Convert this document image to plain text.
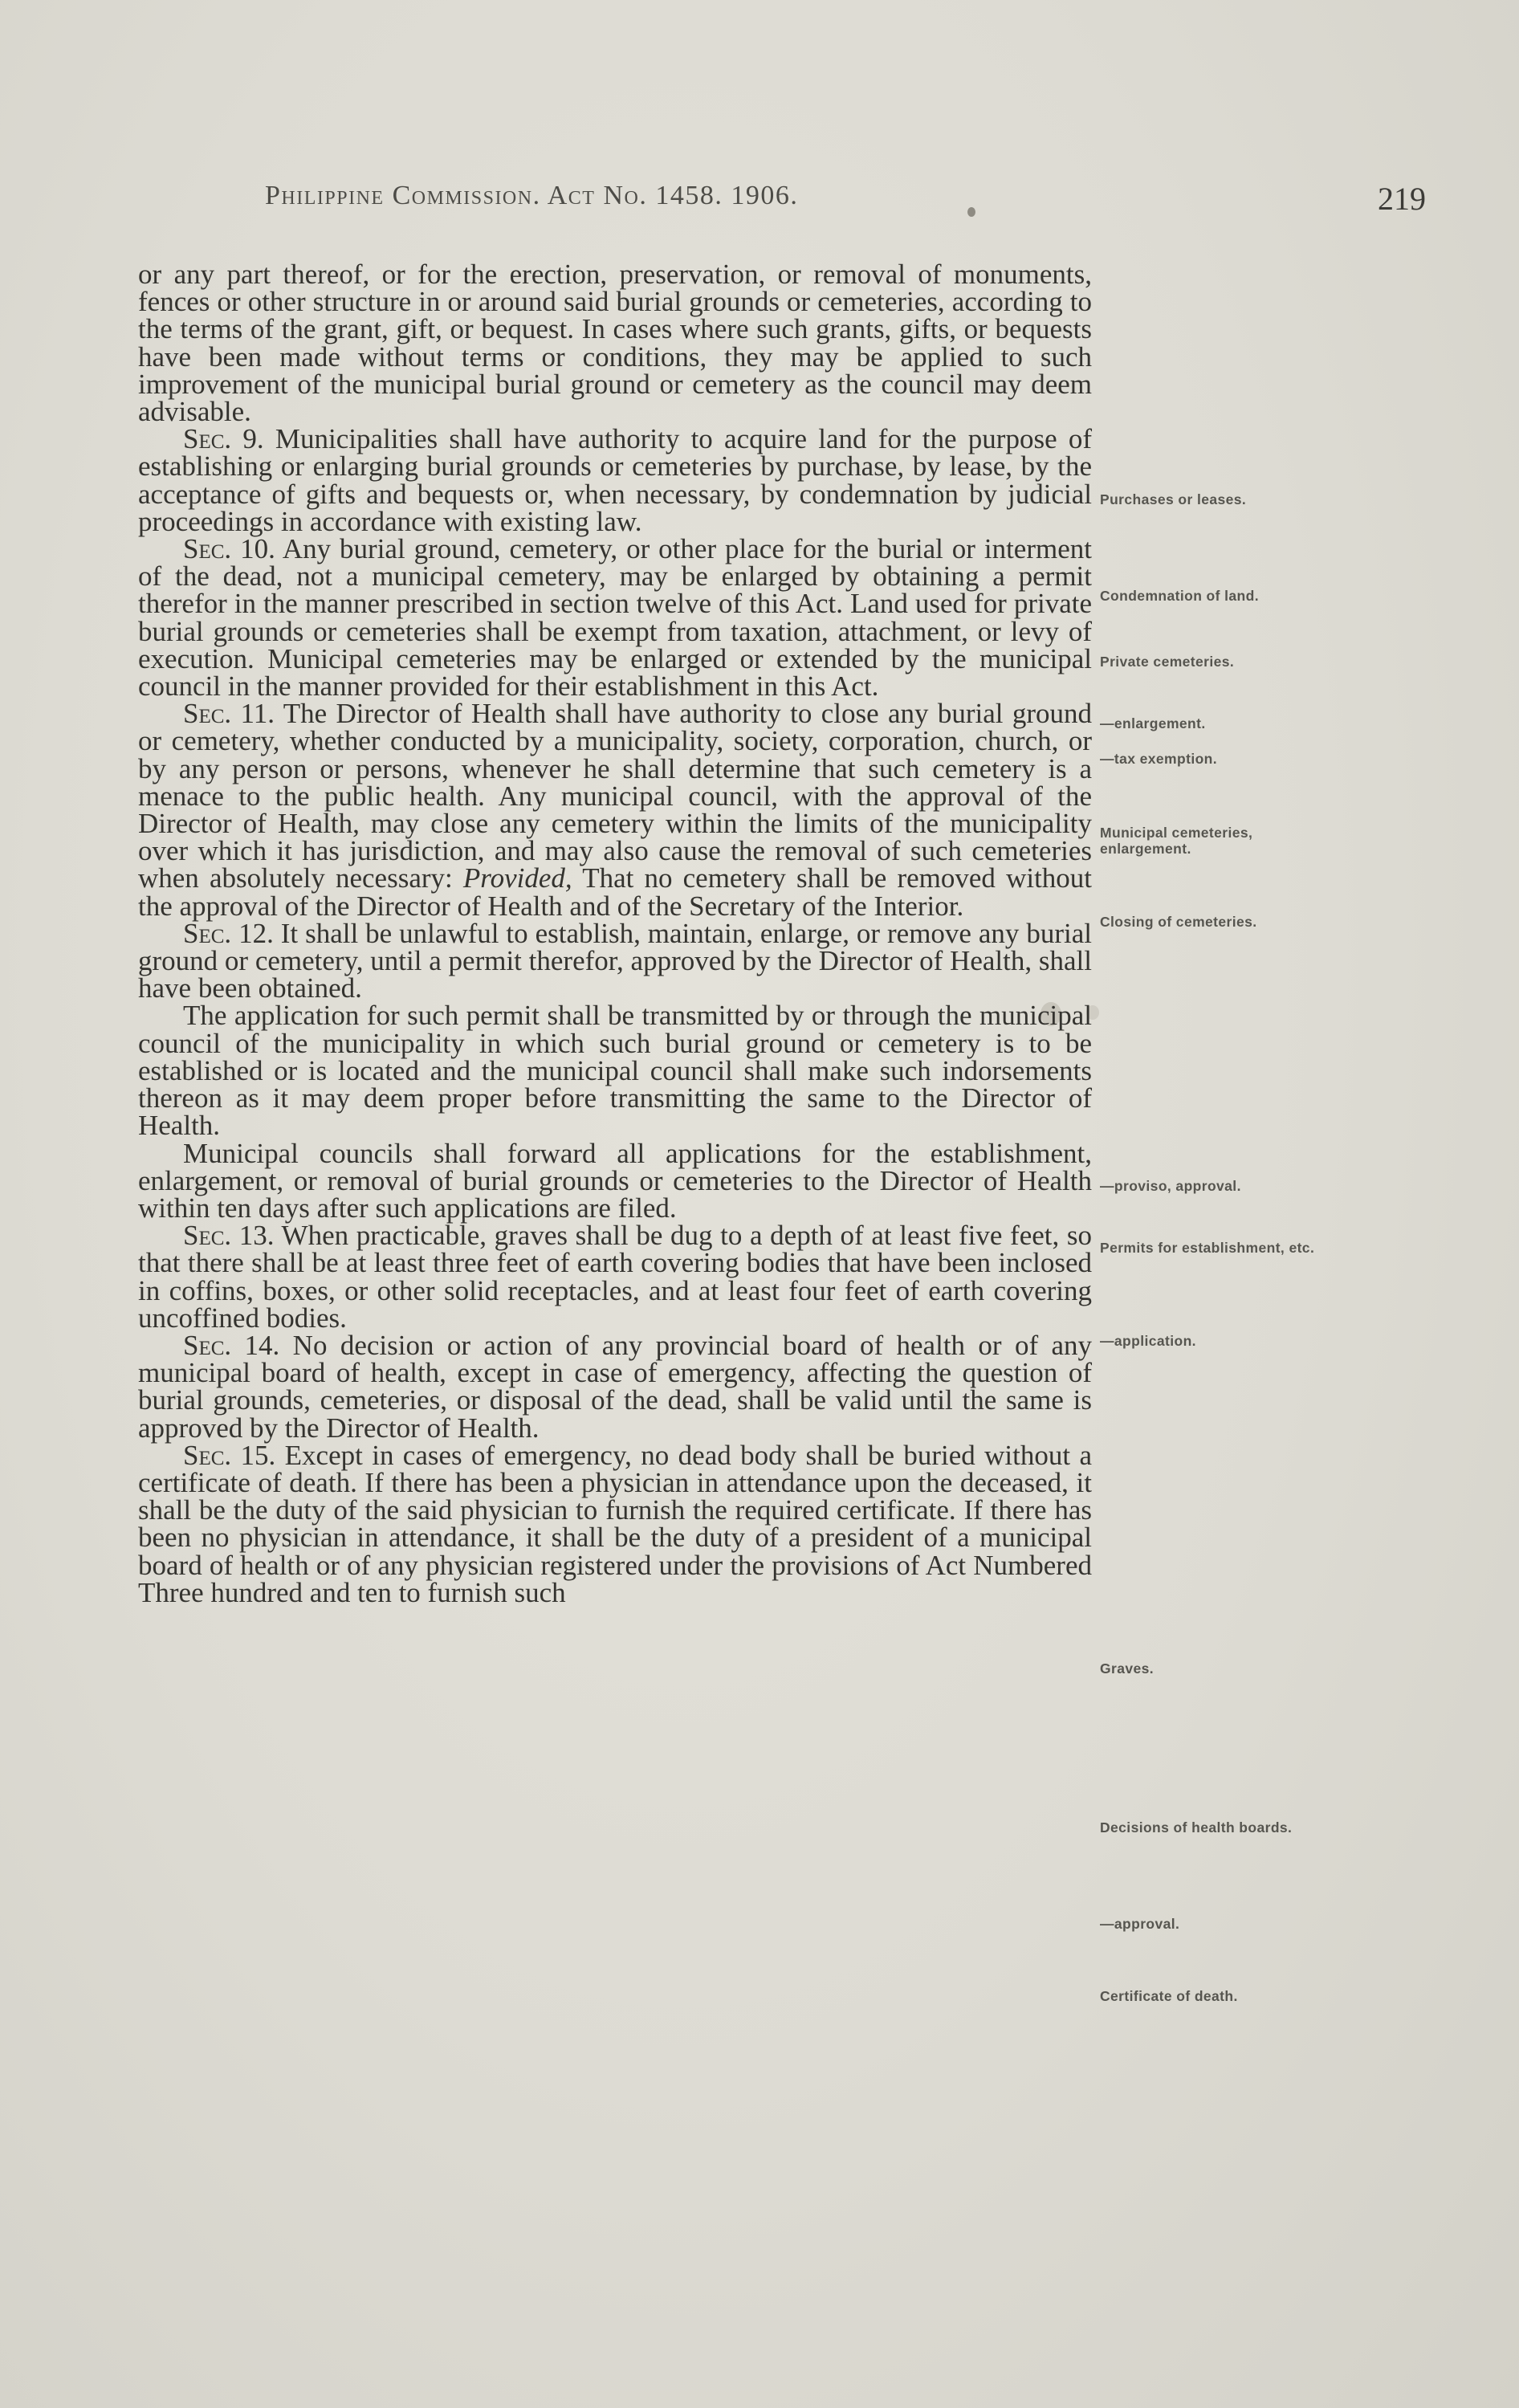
Philippine Commission. Act No. 1458. 1906.	219

or any part thereof, or for the erection, preservation, or removal of monuments, fences or other structure in or around said burial grounds or cemeteries, according to the terms of the grant, gift, or bequest. In cases where such grants, gifts, or bequests have been made without terms or conditions, they may be applied to such improvement of the municipal burial ground or cemetery as the council may deem advisable.

Sec. 9. Municipalities shall have authority to acquire land for the purpose of establishing or enlarging burial grounds or cemeteries by purchase, by lease, by the acceptance of gifts and bequests or, when necessary, by condemnation by judicial proceedings in accordance with existing law.

Sec. 10. Any burial ground, cemetery, or other place for the burial or interment of the dead, not a municipal cemetery, may be enlarged by obtaining a permit therefor in the manner prescribed in section twelve of this Act. Land used for private burial grounds or cemeteries shall be exempt from taxation, attachment, or levy of execution. Municipal cemeteries may be enlarged or extended by the municipal council in the manner provided for their establishment in this Act.

Sec. 11. The Director of Health shall have authority to close any burial ground or cemetery, whether conducted by a municipality, society, corporation, church, or by any person or persons, whenever he shall determine that such cemetery is a menace to the public health. Any municipal council, with the approval of the Director of Health, may close any cemetery within the limits of the municipality over which it has jurisdiction, and may also cause the removal of such cemeteries when absolutely necessary: Provided, That no cemetery shall be removed without the approval of the Director of Health and of the Secretary of the Interior.

Sec. 12. It shall be unlawful to establish, maintain, enlarge, or remove any burial ground or cemetery, until a permit therefor, approved by the Director of Health, shall have been obtained.

The application for such permit shall be transmitted by or through the municipal council of the municipality in which such burial ground or cemetery is to be established or is located and the municipal council shall make such indorsements thereon as it may deem proper before transmitting the same to the Director of Health.

Municipal councils shall forward all applications for the establishment, enlargement, or removal of burial grounds or cemeteries to the Director of Health within ten days after such applications are filed.

Sec. 13. When practicable, graves shall be dug to a depth of at least five feet, so that there shall be at least three feet of earth covering bodies that have been inclosed in coffins, boxes, or other solid receptacles, and at least four feet of earth covering uncoffined bodies.

Sec. 14. No decision or action of any provincial board of health or of any municipal board of health, except in case of emergency, affecting the question of burial grounds, cemeteries, or disposal of the dead, shall be valid until the same is approved by the Director of Health.

Sec. 15. Except in cases of emergency, no dead body shall be buried without a certificate of death. If there has been a physician in attendance upon the deceased, it shall be the duty of the said physician to furnish the required certificate. If there has been no physician in attendance, it shall be the duty of a president of a municipal board of health or of any physician registered under the provisions of Act Numbered Three hundred and ten to furnish such

Purchases or leases.
Condemnation of land.
Private cemeteries.
—enlargement.
—tax exemption.
Municipal cemeteries, enlargement.
Closing of cemeteries.
—proviso, approval.
Permits for establishment, etc.
—application.
Graves.
Decisions of health boards.
—approval.
Certificate of death.
